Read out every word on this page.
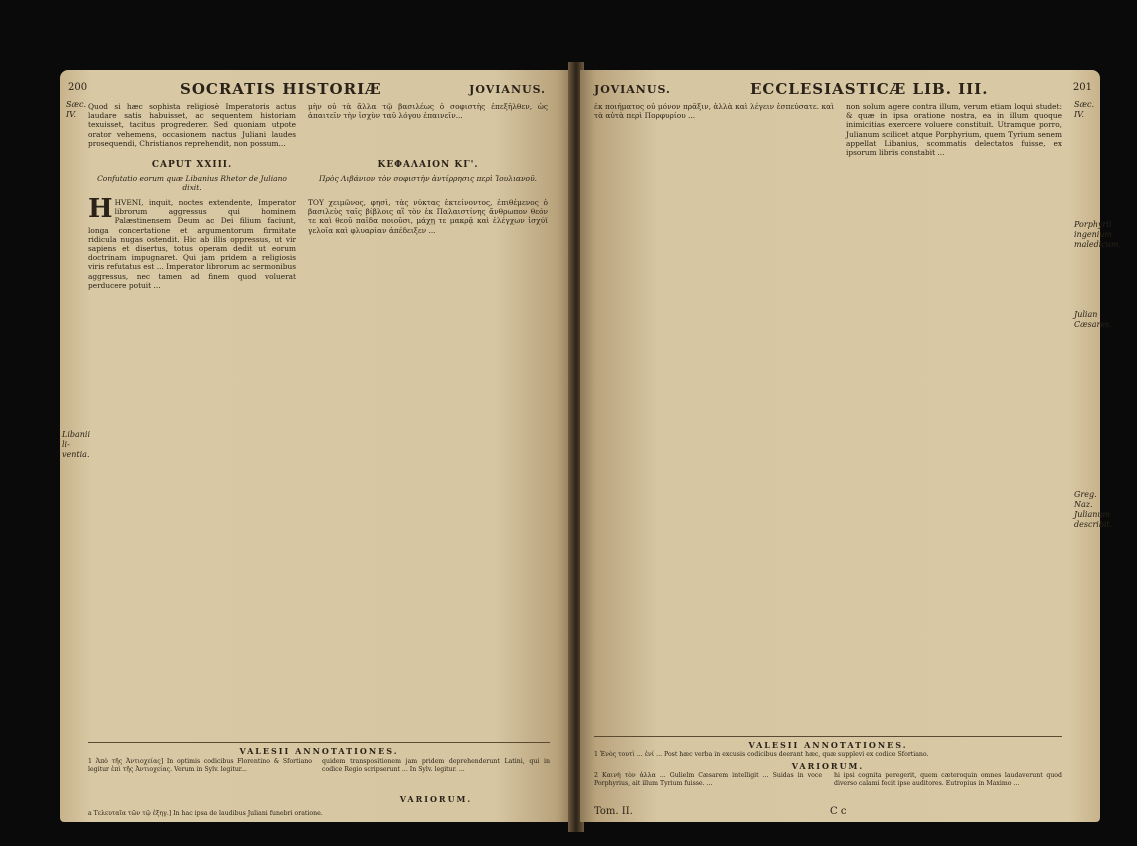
200	SOCRATIS HISTORIÆ	JOVIANUS.
Sæc. IV.
Libanii li-ventia.
Quod si hæc sophista religiosè Imperatoris actus laudare satis habuisset, ac sequentem historiam texuisset, tacitus progrederer. Sed quoniam utpote orator vehemens, occasionem nactus Juliani laudes prosequendi, Christianos reprehendit, non possum...
μὴν οὐ τὰ ἄλλα τῷ βασιλέως ὁ σοφιστὴς ἐπεξῆλθεν, ὡς ἀπαιτεῖν τὴν ἰσχὺν ταῦ λόγου ἐπαινεῖν...
CAPUT XXIII.
Confutatio eorum quæ Libanius Rhetor de Juliano dixit.
ΚΕΦΑΛΑΙΟΝ ΚΓ'.
Πρὸς Λιβάνιον τὸν σοφιστὴν ἀντίρρησις περὶ Ἰουλιανοῦ.
HHVENI, inquit, noctes extendente, Imperator librorum aggressus qui hominem Palæstinensem Deum ac Dei filium faciunt, longa concertatione et argumentorum firmitate ridicula nugas ostendit. Hic ab illis oppressus, ut vir sapiens et disertus, totus operam dedit ut eorum doctrinam impugnaret. Qui jam pridem a religiosis viris refutatus est ... Imperator librorum ac sermonibus aggressus, nec tamen ad finem quod voluerat perducere potuit ...
ΤΟΥ χειμῶνος, φησὶ, τὰς νύκτας ἐκτείνοντος, ἐπιθέμενος ὁ βασιλεὺς ταῖς βίβλοις αἳ τὸν ἐκ Παλαιστίνης ἄνθρωπον θεόν τε καὶ θεοῦ παῖδα ποιοῦσι, μάχῃ τε μακρᾷ καὶ ἐλέγχων ἰσχύϊ γελοῖα καὶ φλυαρίαν ἀπέδειξεν ...
VALESII ANNOTATIONES.
1 Ἀπὸ τῆς Ἀντιοχείας] In optimis codicibus Florentino & Sfortiano legitur ἐπὶ τῆς Ἀντιοχείας. Verum in Sylv. legitur...
quidem transpositionem jam pridem deprehenderunt Latini, qui in codice Regio scripserunt ... In Sylv. legitur. ...
VARIORUM.
a Τελευταῖα τῶν τῷ ἐξηγ.] In hac ipsa de laudibus Juliani funebri oratione.
JOVIANUS.	ECCLESIASTICÆ LIB. III.	201
Sæc. IV.
Porphyrii ingenium maledicum.
Greg. Naz. Julianum describit.
Julian Cæsares.
ἐκ ποιήματος οὐ μόνον πρᾶξιν, ἀλλὰ καὶ λέγειν ἐσπεύσατε. καὶ τὰ αὐτὰ περὶ Πορφυρίου ...
non solum agere contra illum, verum etiam loqui studet: & quæ in ipsa oratione nostra, ea in illum quoque inimicitias exercere voluere constituit. Utramque porro, Julianum scilicet atque Porphyrium, quem Tyrium senem appellat Libanius, scommatis delectatos fuisse, ex ipsorum libris constabit ...
VALESII ANNOTATIONES.
1 Ἐνὸς τουτὶ ... ἐνί ... Post hæc verba in excusis codicibus deerant hæc, quæ supplevi ex codice Sfortiano.
VARIORUM.
2 Καινὴ τὸν ἀλλα ... Gulielm Cæsarem intelligit ... Suidas in voce Porphyrius, ait illum Tyrium fuisse. ...
hi ipsi cognita peregerit, quem cæteroquin omnes laudaverunt quod diverso calami fecit ipse auditores. Eutropius in Maximo ...
Tom. II.	C c
